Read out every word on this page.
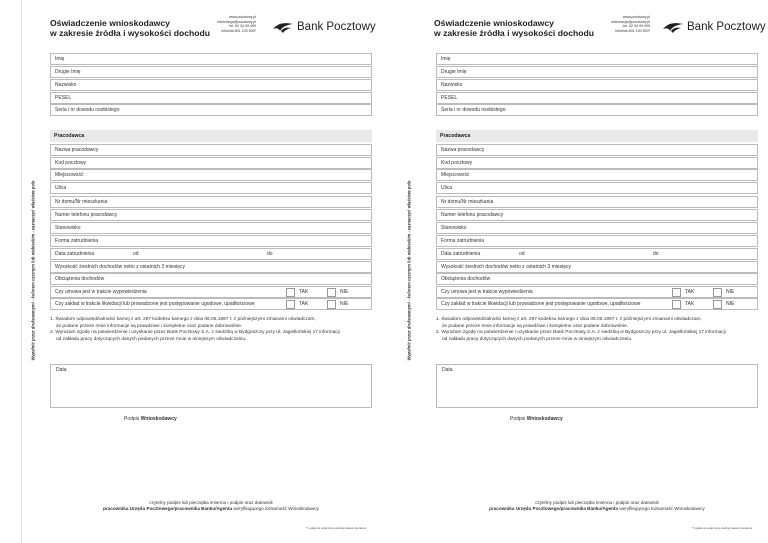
Wypełnić przez drukowanymi - kolorem czarnym lub niebieskim - zaznaczyć właściwe pole
Oświadczenie wnioskodawcy
w zakresie źródła i wysokości dochodu
www.pocztowy.pl
informacja@pocztowy.pl
tel. 52 34 99 499
infolinia 801 100 500*	Bank Pocztowy
Imię
Drugie Imię
Nazwisko
PESEL
Seria i nr dowodu osobistego
Pracodawca
Nazwa pracodawcy
Kod pocztowy
Miejscowość
Ulica
Nr domu/Nr mieszkania
Numer telefonu pracodawcy
Stanowisko
Forma zatrudnienia
Data zatrudnienia	od	do
Wysokość średnich dochodów netto z ostatnich 3 miesięcy
Obciążenia dochodów
Czy umowa jest w trakcie wypowiedzenia	TAK	NIE
Czy zakład w trakcie likwidacji lub prowadzone jest postępowanie ugodowe, upadłościowe	TAK	NIE

1. Świadom odpowiedzialności karnej z art. 297 kodeksu karnego z dnia 06.06.1997 r. z późniejszymi zmianami oświadczam,

że podane przeze mnie informacje są prawdziwe i kompletne oraz podane dobrowolnie.

2. Wyrażam zgodę na potwierdzenie i uzyskanie przez Bank Pocztowy S.A. z siedzibą w Bydgoszczy przy ul. Jagiellońskiej 17 informacji

od zakładu pracy dotyczących danych podanych przeze mnie w niniejszym oświadczeniu.

Data
Podpis Wnioskodawcy
czytelny podpis lub pieczątka imienna i podpis oraz datownik
pracownika Urzędu Pocztowego/pracownika Banku/Agenta weryfikującego tożsamość Wnioskodawcy
*) opłata za połączenie według stawek operatora
Wypełnić przez drukowanymi - kolorem czarnym lub niebieskim - zaznaczyć właściwe pole
Oświadczenie wnioskodawcy
w zakresie źródła i wysokości dochodu
www.pocztowy.pl
informacja@pocztowy.pl
tel. 52 34 99 499
infolinia 801 100 500*	Bank Pocztowy
Imię
Drugie Imię
Nazwisko
PESEL
Seria i nr dowodu osobistego
Pracodawca
Nazwa pracodawcy
Kod pocztowy
Miejscowość
Ulica
Nr domu/Nr mieszkania
Numer telefonu pracodawcy
Stanowisko
Forma zatrudnienia
Data zatrudnienia	od	do
Wysokość średnich dochodów netto z ostatnich 3 miesięcy
Obciążenia dochodów
Czy umowa jest w trakcie wypowiedzenia	TAK	NIE
Czy zakład w trakcie likwidacji lub prowadzone jest postępowanie ugodowe, upadłościowe	TAK	NIE

1. Świadom odpowiedzialności karnej z art. 297 kodeksu karnego z dnia 06.06.1997 r. z późniejszymi zmianami oświadczam,

że podane przeze mnie informacje są prawdziwe i kompletne oraz podane dobrowolnie.

2. Wyrażam zgodę na potwierdzenie i uzyskanie przez Bank Pocztowy S.A. z siedzibą w Bydgoszczy przy ul. Jagiellońskiej 17 informacji

od zakładu pracy dotyczących danych podanych przeze mnie w niniejszym oświadczeniu.

Data
Podpis Wnioskodawcy
czytelny podpis lub pieczątka imienna i podpis oraz datownik
pracownika Urzędu Pocztowego/pracownika Banku/Agenta weryfikującego tożsamość Wnioskodawcy
*) opłata za połączenie według stawek operatora
